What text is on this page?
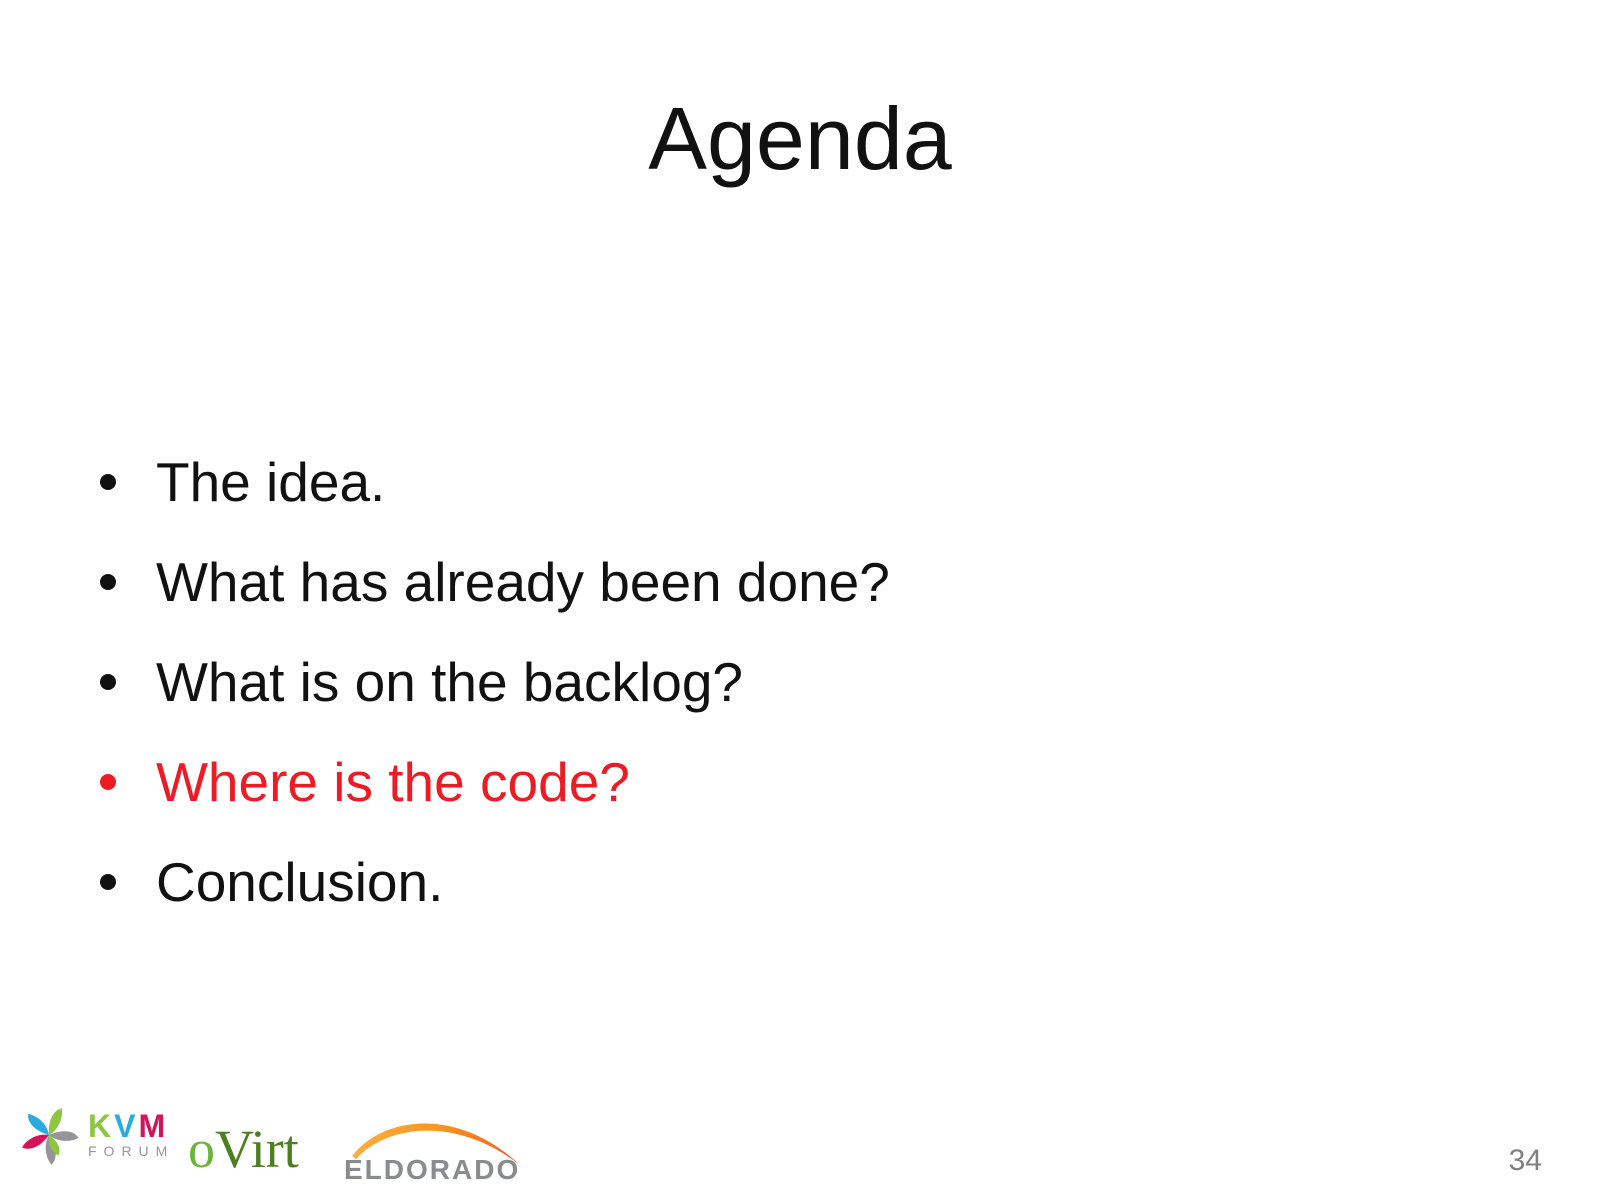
Agenda
The idea.
What has already been done?
What is on the backlog?
Where is the code?
Conclusion.
KVM
FORUM oVirt ELDORADO	34
